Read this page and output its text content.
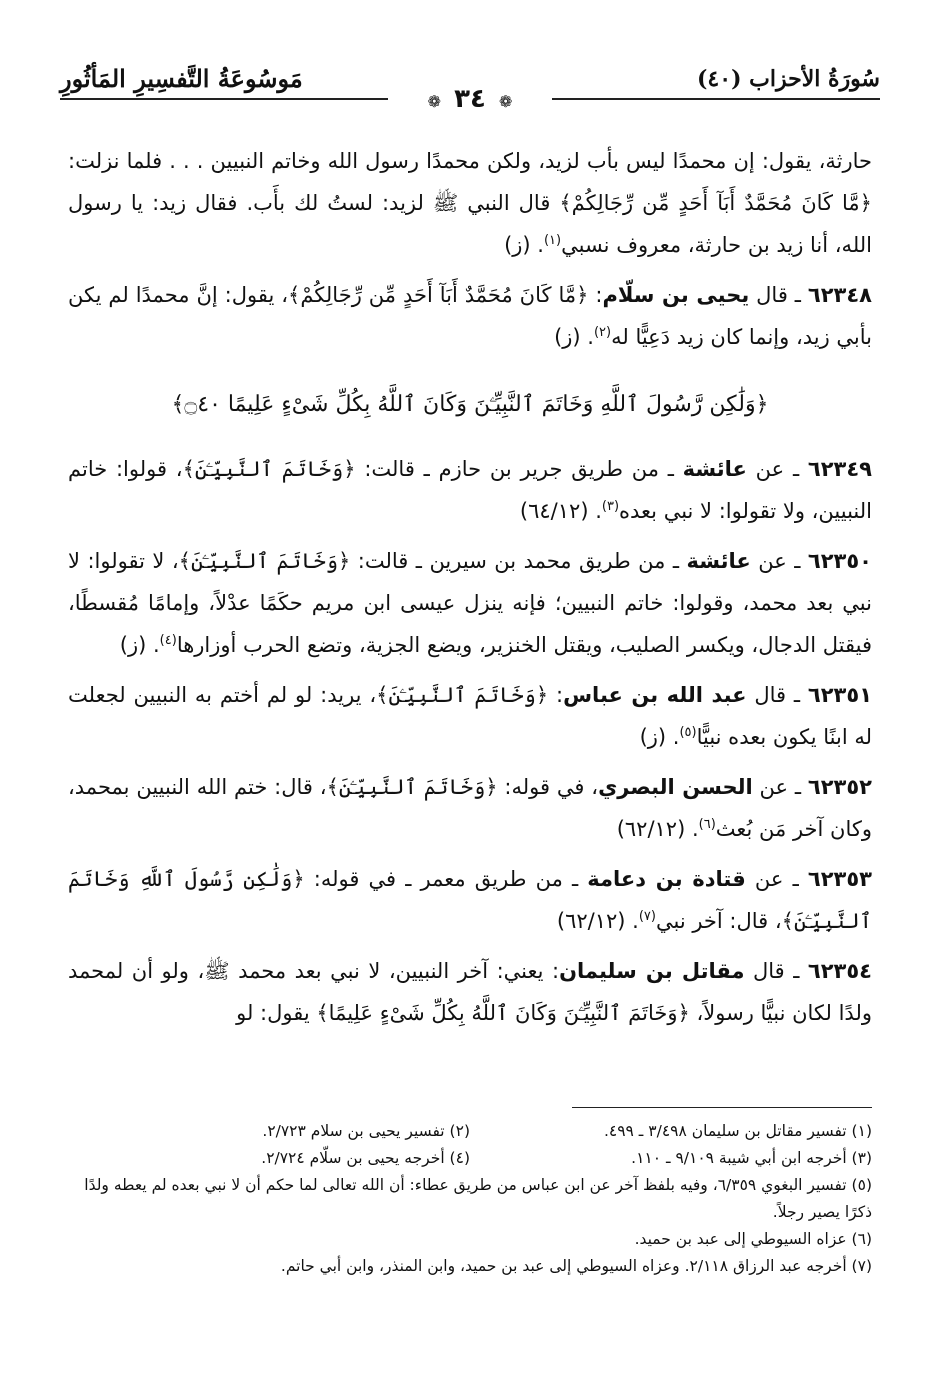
سُورَةُ الأحزاب (٤٠)
مَوسُوعَةُ التَّفسِيرِ المَأثُورِ
❁ ٣٤ ❁

حارثة، يقول: إن محمدًا ليس بأب لزيد، ولكن محمدًا رسول الله وخاتم النبيين . . . فلما نزلت: ﴿مَّا كَانَ مُحَمَّدٌ أَبَآ أَحَدٍ مِّن رِّجَالِكُمْ﴾ قال النبي ﷺ لزيد: لستُ لك بأَب. فقال زيد: يا رسول الله، أنا زيد بن حارثة، معروف نسبي$^{(١)}$. (ز)

٦٢٣٤٨ ـ قال يحيى بن سلّام: ﴿مَّا كَانَ مُحَمَّدٌ أَبَآ أَحَدٍ مِّن رِّجَالِكُمْ﴾، يقول: إنَّ محمدًا لم يكن بأبي زيد، وإنما كان زيد دَعِيًّا له$^{(٢)}$. (ز)

﴿وَلَٰكِن رَّسُولَ ٱللَّهِ وَخَاتَمَ ٱلنَّبِيِّـۧنَ وَكَانَ ٱللَّهُ بِكُلِّ شَىْءٍ عَلِيمًا ۝٤٠﴾

٦٢٣٤٩ ـ عن عائشة ـ من طريق جرير بن حازم ـ قالت: ﴿وَخَاتَمَ ٱلنَّبِيِّـۧنَ﴾، قولوا: خاتم النبيين، ولا تقولوا: لا نبي بعده$^{(٣)}$. (٦٤/١٢)

٦٢٣٥٠ ـ عن عائشة ـ من طريق محمد بن سيرين ـ قالت: ﴿وَخَاتَمَ ٱلنَّبِيِّـۧنَ﴾، لا تقولوا: لا نبي بعد محمد، وقولوا: خاتم النبيين؛ فإنه ينزل عيسى ابن مريم حكَمًا عدْلاً، وإمامًا مُقسطًا، فيقتل الدجال، ويكسر الصليب، ويقتل الخنزير، ويضع الجزية، وتضع الحرب أوزارها$^{(٤)}$. (ز)

٦٢٣٥١ ـ قال عبد الله بن عباس: ﴿وَخَاتَمَ ٱلنَّبِيِّـۧنَ﴾، يريد: لو لم أختم به النبيين لجعلت له ابنًا يكون بعده نبيًّا$^{(٥)}$. (ز)

٦٢٣٥٢ ـ عن الحسن البصري، في قوله: ﴿وَخَاتَمَ ٱلنَّبِيِّـۧنَ﴾، قال: ختم الله النبيين بمحمد، وكان آخر مَن بُعث$^{(٦)}$. (٦٢/١٢)

٦٢٣٥٣ ـ عن قتادة بن دعامة ـ من طريق معمر ـ في قوله: ﴿وَلَٰكِن رَّسُولَ ٱللَّهِ وَخَاتَمَ ٱلنَّبِيِّـۧنَ﴾، قال: آخر نبي$^{(٧)}$. (٦٢/١٢)

٦٢٣٥٤ ـ قال مقاتل بن سليمان: يعني: آخر النبيين، لا نبي بعد محمد ﷺ، ولو أن لمحمد ولدًا لكان نبيًّا رسولاً، ﴿وَخَاتَمَ ٱلنَّبِيِّـۧنَ وَكَانَ ٱللَّهُ بِكُلِّ شَىْءٍ عَلِيمًا﴾ يقول: لو

(١) تفسير مقاتل بن سليمان ٣/٤٩٨ ـ ٤٩٩.
(٢) تفسير يحيى بن سلام ٢/٧٢٣.
(٣) أخرجه ابن أبي شيبة ٩/١٠٩ ـ ١١٠.
(٤) أخرجه يحيى بن سلّام ٢/٧٢٤.

(٥) تفسير البغوي ٦/٣٥٩، وفيه بلفظ آخر عن ابن عباس من طريق عطاء: أن الله تعالى لما حكم أن لا نبي بعده لم يعطه ولدًا ذكرًا يصير رجلاً.

(٦) عزاه السيوطي إلى عبد بن حميد.

(٧) أخرجه عبد الرزاق ٢/١١٨. وعزاه السيوطي إلى عبد بن حميد، وابن المنذر، وابن أبي حاتم.
